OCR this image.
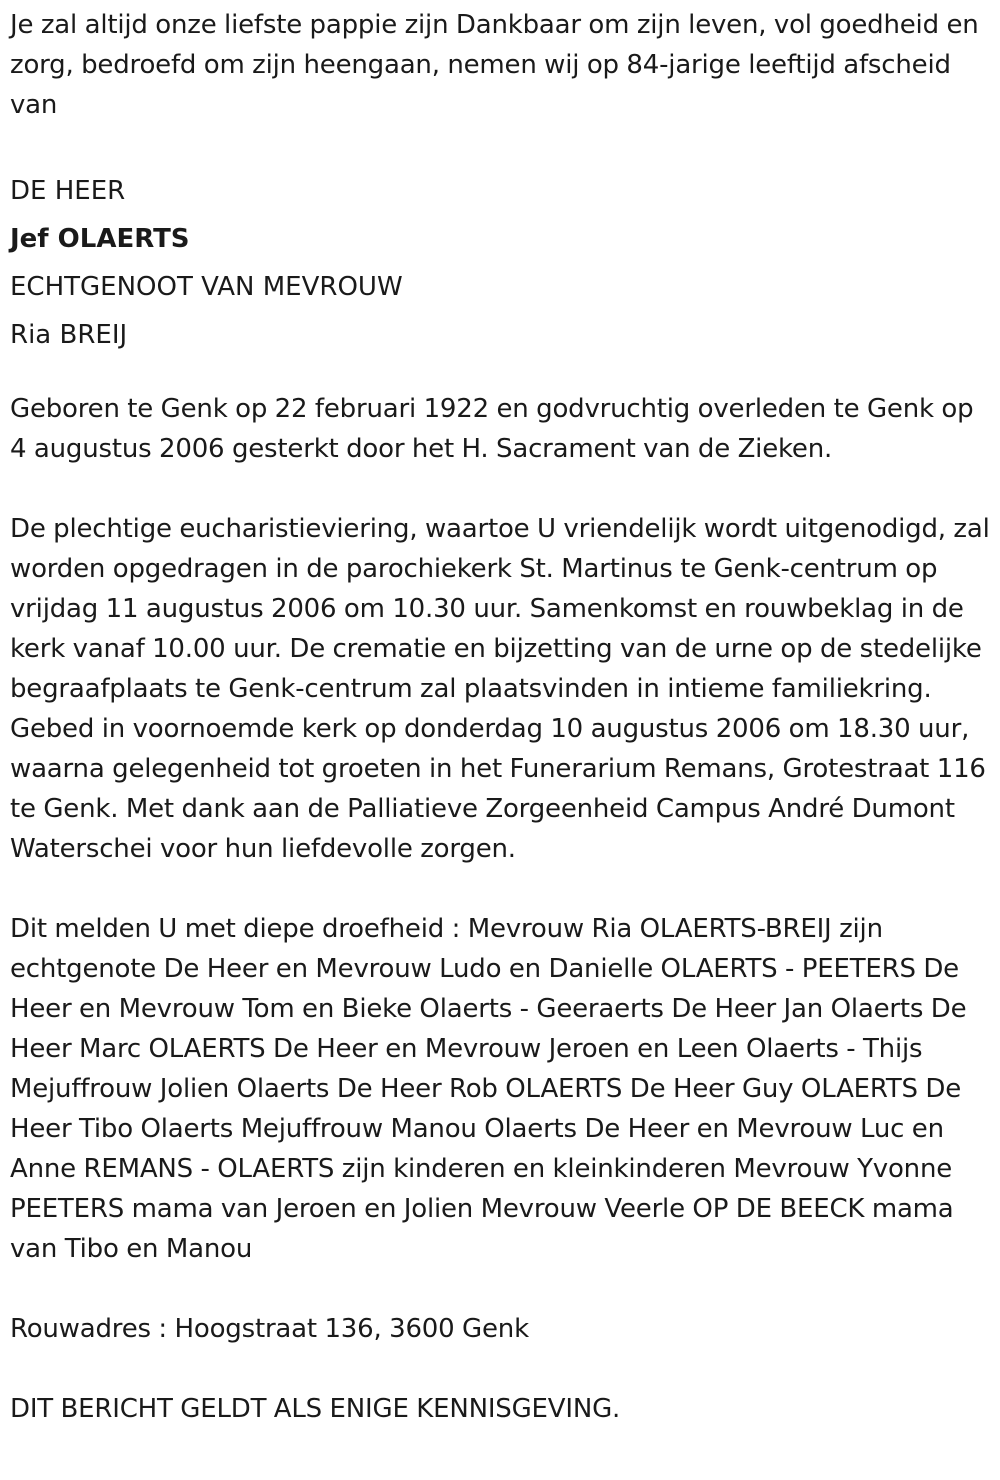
Je zal altijd onze liefste pappie zijn Dankbaar om zijn leven, vol goedheid en zorg, bedroefd om zijn heengaan, nemen wij op 84-jarige leeftijd afscheid van

DE HEER
Jef OLAERTS
ECHTGENOOT VAN MEVROUW
Ria BREIJ

Geboren te Genk op 22 februari 1922 en godvruchtig overleden te Genk op 4 augustus 2006 gesterkt door het H. Sacrament van de Zieken.

De plechtige eucharistieviering, waartoe U vriendelijk wordt uitgenodigd, zal worden opgedragen in de parochiekerk St. Martinus te Genk-centrum op vrijdag 11 augustus 2006 om 10.30 uur. Samenkomst en rouwbeklag in de kerk vanaf 10.00 uur. De crematie en bijzetting van de urne op de stedelijke begraafplaats te Genk-centrum zal plaatsvinden in intieme familiekring. Gebed in voornoemde kerk op donderdag 10 augustus 2006 om 18.30 uur, waarna gelegenheid tot groeten in het Funerarium Remans, Grotestraat 116 te Genk. Met dank aan de Palliatieve Zorgeenheid Campus André Dumont Waterschei voor hun liefdevolle zorgen.

Dit melden U met diepe droefheid : Mevrouw Ria OLAERTS-BREIJ zijn echtgenote De Heer en Mevrouw Ludo en Danielle OLAERTS - PEETERS De Heer en Mevrouw Tom en Bieke Olaerts - Geeraerts De Heer Jan Olaerts De Heer Marc OLAERTS De Heer en Mevrouw Jeroen en Leen Olaerts - Thijs Mejuffrouw Jolien Olaerts De Heer Rob OLAERTS De Heer Guy OLAERTS De Heer Tibo Olaerts Mejuffrouw Manou Olaerts De Heer en Mevrouw Luc en Anne REMANS - OLAERTS zijn kinderen en kleinkinderen Mevrouw Yvonne PEETERS mama van Jeroen en Jolien Mevrouw Veerle OP DE BEECK mama van Tibo en Manou

Rouwadres : Hoogstraat 136, 3600 Genk

DIT BERICHT GELDT ALS ENIGE KENNISGEVING.
